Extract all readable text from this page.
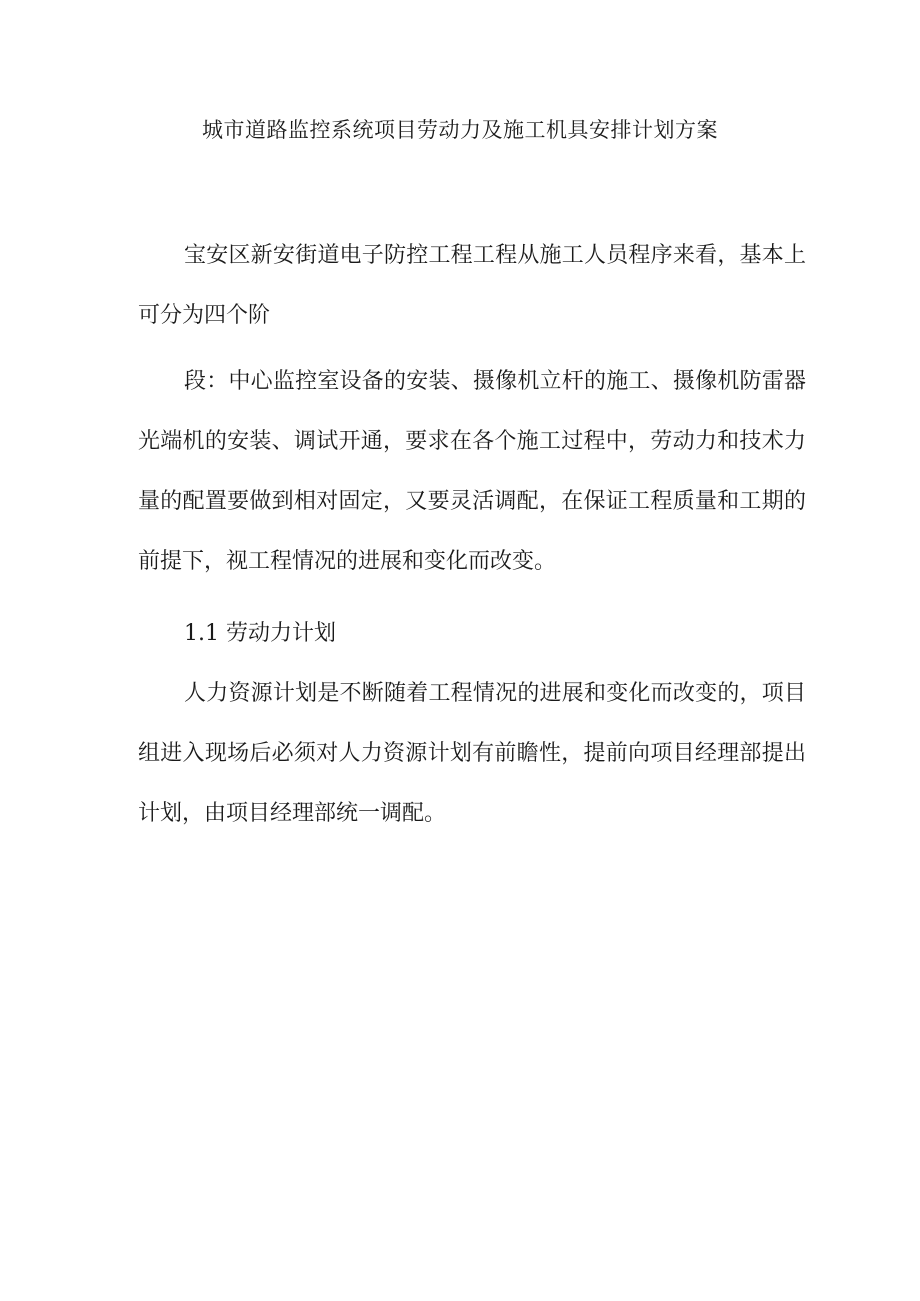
城市道路监控系统项目劳动力及施工机具安排计划方案

宝安区新安街道电子防控工程工程从施工人员程序来看，基本上可分为四个阶

段：中心监控室设备的安装、摄像机立杆的施工、摄像机防雷器光端机的安装、调试开通，要求在各个施工过程中，劳动力和技术力量的配置要做到相对固定，又要灵活调配，在保证工程质量和工期的前提下，视工程情况的进展和变化而改变。

1.1 劳动力计划

人力资源计划是不断随着工程情况的进展和变化而改变的，项目组进入现场后必须对人力资源计划有前瞻性，提前向项目经理部提出计划，由项目经理部统一调配。
